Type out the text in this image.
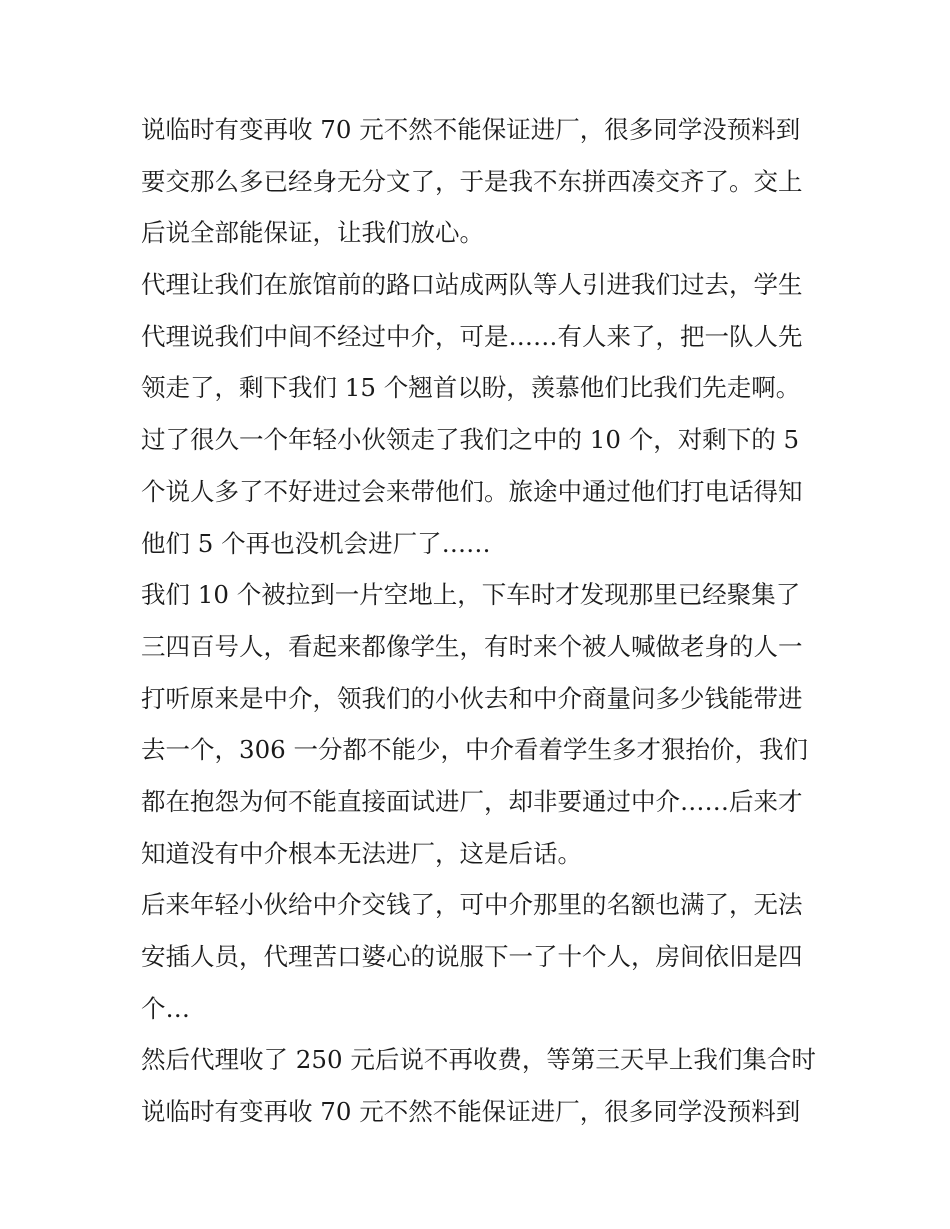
说临时有变再收 70 元不然不能保证进厂，很多同学没预料到
要交那么多已经身无分文了，于是我不东拼西凑交齐了。交上
后说全部能保证，让我们放心。
代理让我们在旅馆前的路口站成两队等人引进我们过去，学生
代理说我们中间不经过中介，可是……有人来了，把一队人先
领走了，剩下我们 15 个翘首以盼，羡慕他们比我们先走啊。
过了很久一个年轻小伙领走了我们之中的 10 个，对剩下的 5
个说人多了不好进过会来带他们。旅途中通过他们打电话得知
他们 5 个再也没机会进厂了……
我们 10 个被拉到一片空地上，下车时才发现那里已经聚集了
三四百号人，看起来都像学生，有时来个被人喊做老身的人一
打听原来是中介，领我们的小伙去和中介商量问多少钱能带进
去一个，306 一分都不能少，中介看着学生多才狠抬价，我们
都在抱怨为何不能直接面试进厂，却非要通过中介……后来才
知道没有中介根本无法进厂，这是后话。
后来年轻小伙给中介交钱了，可中介那里的名额也满了，无法
安插人员，代理苦口婆心的说服下一了十个人，房间依旧是四
个…
然后代理收了 250 元后说不再收费，等第三天早上我们集合时
说临时有变再收 70 元不然不能保证进厂，很多同学没预料到
